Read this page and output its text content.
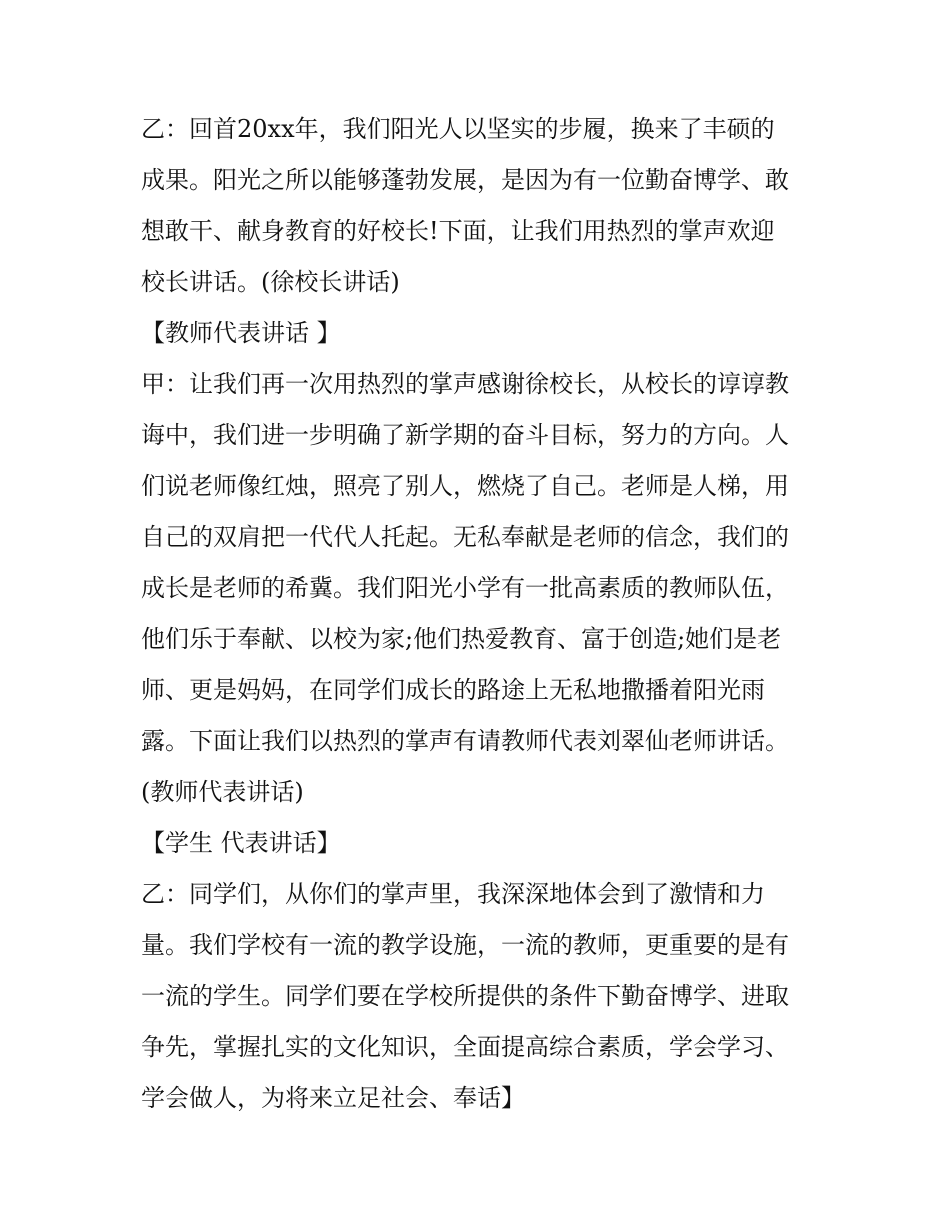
乙：回首20xx年，我们阳光人以坚实的步履，换来了丰硕的
成果。阳光之所以能够蓬勃发展，是因为有一位勤奋博学、敢
想敢干、献身教育的好校长!下面，让我们用热烈的掌声欢迎
校长讲话。(徐校长讲话)
【教师代表讲话 】
甲：让我们再一次用热烈的掌声感谢徐校长，从校长的谆谆教
诲中，我们进一步明确了新学期的奋斗目标，努力的方向。人
们说老师像红烛，照亮了别人，燃烧了自己。老师是人梯，用
自己的双肩把一代代人托起。无私奉献是老师的信念，我们的
成长是老师的希冀。我们阳光小学有一批高素质的教师队伍，
他们乐于奉献、以校为家;他们热爱教育、富于创造;她们是老
师、更是妈妈，在同学们成长的路途上无私地撒播着阳光雨
露。下面让我们以热烈的掌声有请教师代表刘翠仙老师讲话。
(教师代表讲话)
【学生 代表讲话】
乙：同学们，从你们的掌声里，我深深地体会到了激情和力
量。我们学校有一流的教学设施，一流的教师，更重要的是有
一流的学生。同学们要在学校所提供的条件下勤奋博学、进取
争先，掌握扎实的文化知识，全面提高综合素质，学会学习、
学会做人，为将来立足社会、奉话】
